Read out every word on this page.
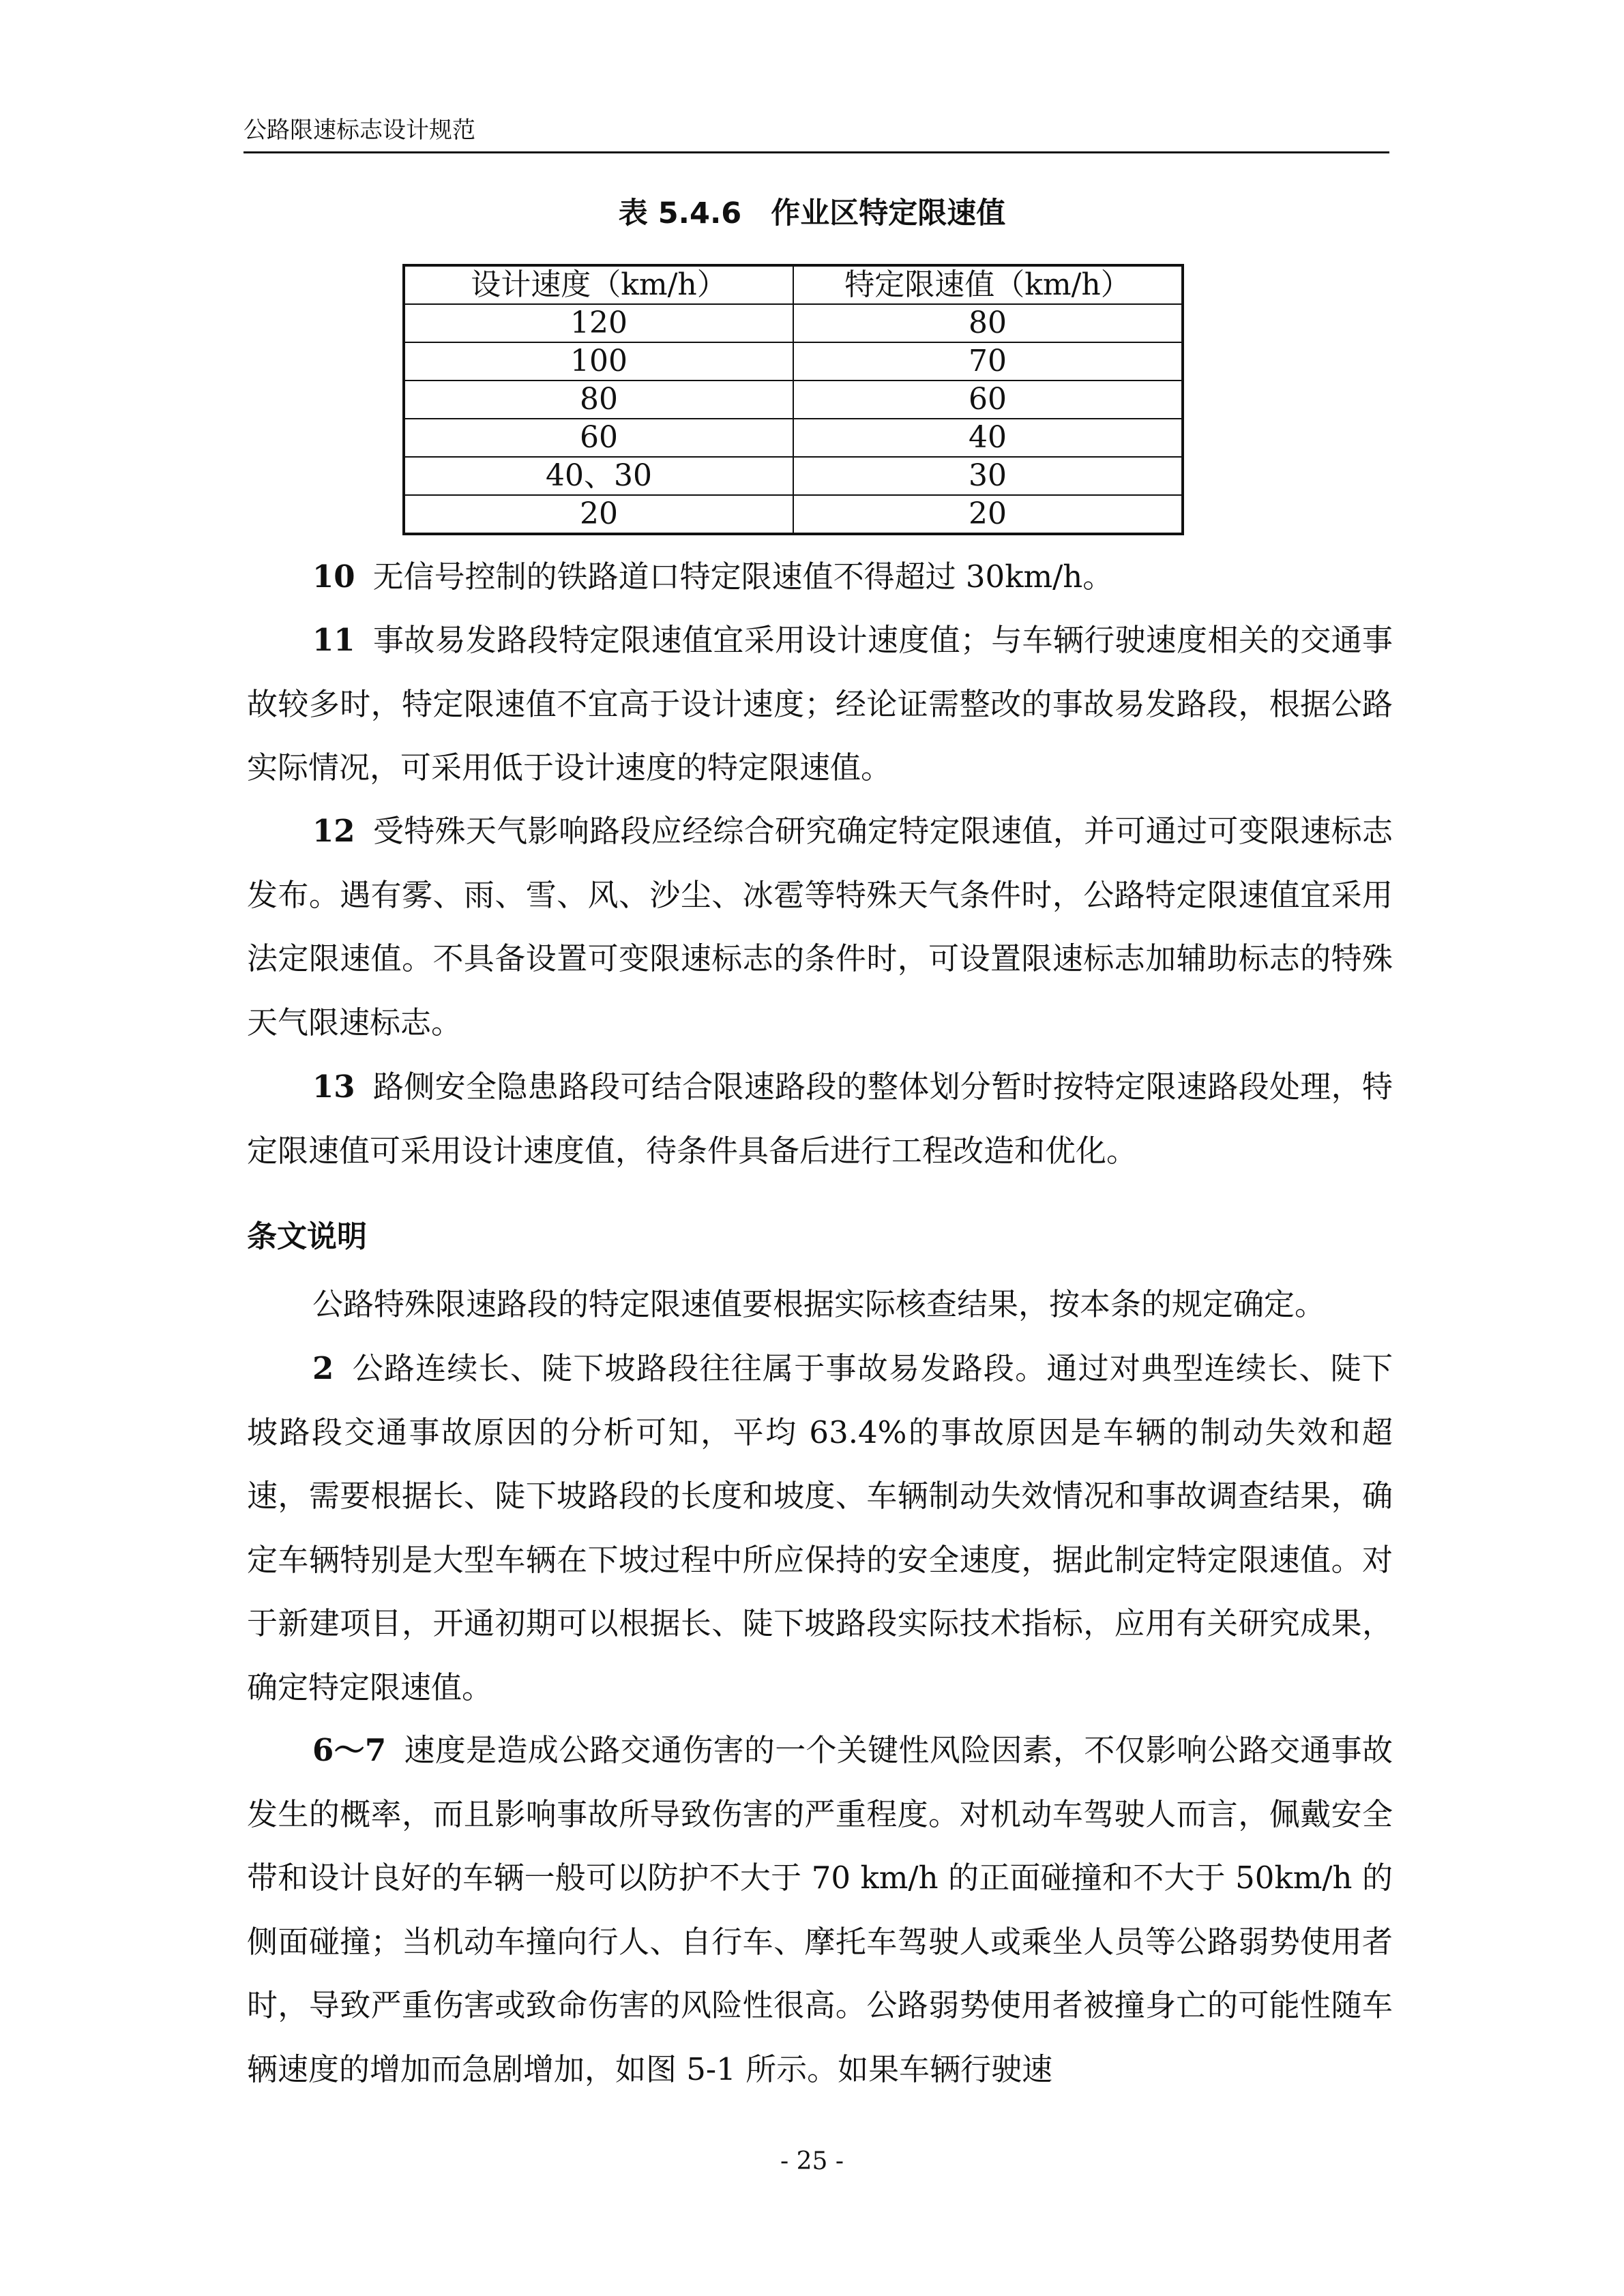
公路限速标志设计规范
表 5.4.6　作业区特定限速值
设计速度（km/h）	特定限速值（km/h）
120	80
100	70
80	60
60	40
40、30	30
20	20

10 无信号控制的铁路道口特定限速值不得超过 30km/h。

11 事故易发路段特定限速值宜采用设计速度值；与车辆行驶速度相关的交通事故较多时，特定限速值不宜高于设计速度；经论证需整改的事故易发路段，根据公路实际情况，可采用低于设计速度的特定限速值。

12 受特殊天气影响路段应经综合研究确定特定限速值，并可通过可变限速标志发布。遇有雾、雨、雪、风、沙尘、冰雹等特殊天气条件时，公路特定限速值宜采用法定限速值。不具备设置可变限速标志的条件时，可设置限速标志加辅助标志的特殊天气限速标志。

13 路侧安全隐患路段可结合限速路段的整体划分暂时按特定限速路段处理，特定限速值可采用设计速度值，待条件具备后进行工程改造和优化。

条文说明

公路特殊限速路段的特定限速值要根据实际核查结果，按本条的规定确定。

2 公路连续长、陡下坡路段往往属于事故易发路段。通过对典型连续长、陡下坡路段交通事故原因的分析可知，平均 63.4%的事故原因是车辆的制动失效和超速，需要根据长、陡下坡路段的长度和坡度、车辆制动失效情况和事故调查结果，确定车辆特别是大型车辆在下坡过程中所应保持的安全速度，据此制定特定限速值。对于新建项目，开通初期可以根据长、陡下坡路段实际技术指标，应用有关研究成果，确定特定限速值。

6～7 速度是造成公路交通伤害的一个关键性风险因素，不仅影响公路交通事故发生的概率，而且影响事故所导致伤害的严重程度。对机动车驾驶人而言，佩戴安全带和设计良好的车辆一般可以防护不大于 70 km/h 的正面碰撞和不大于 50km/h 的侧面碰撞；当机动车撞向行人、自行车、摩托车驾驶人或乘坐人员等公路弱势使用者时，导致严重伤害或致命伤害的风险性很高。公路弱势使用者被撞身亡的可能性随车辆速度的增加而急剧增加，如图 5-1 所示。如果车辆行驶速

- 25 -
